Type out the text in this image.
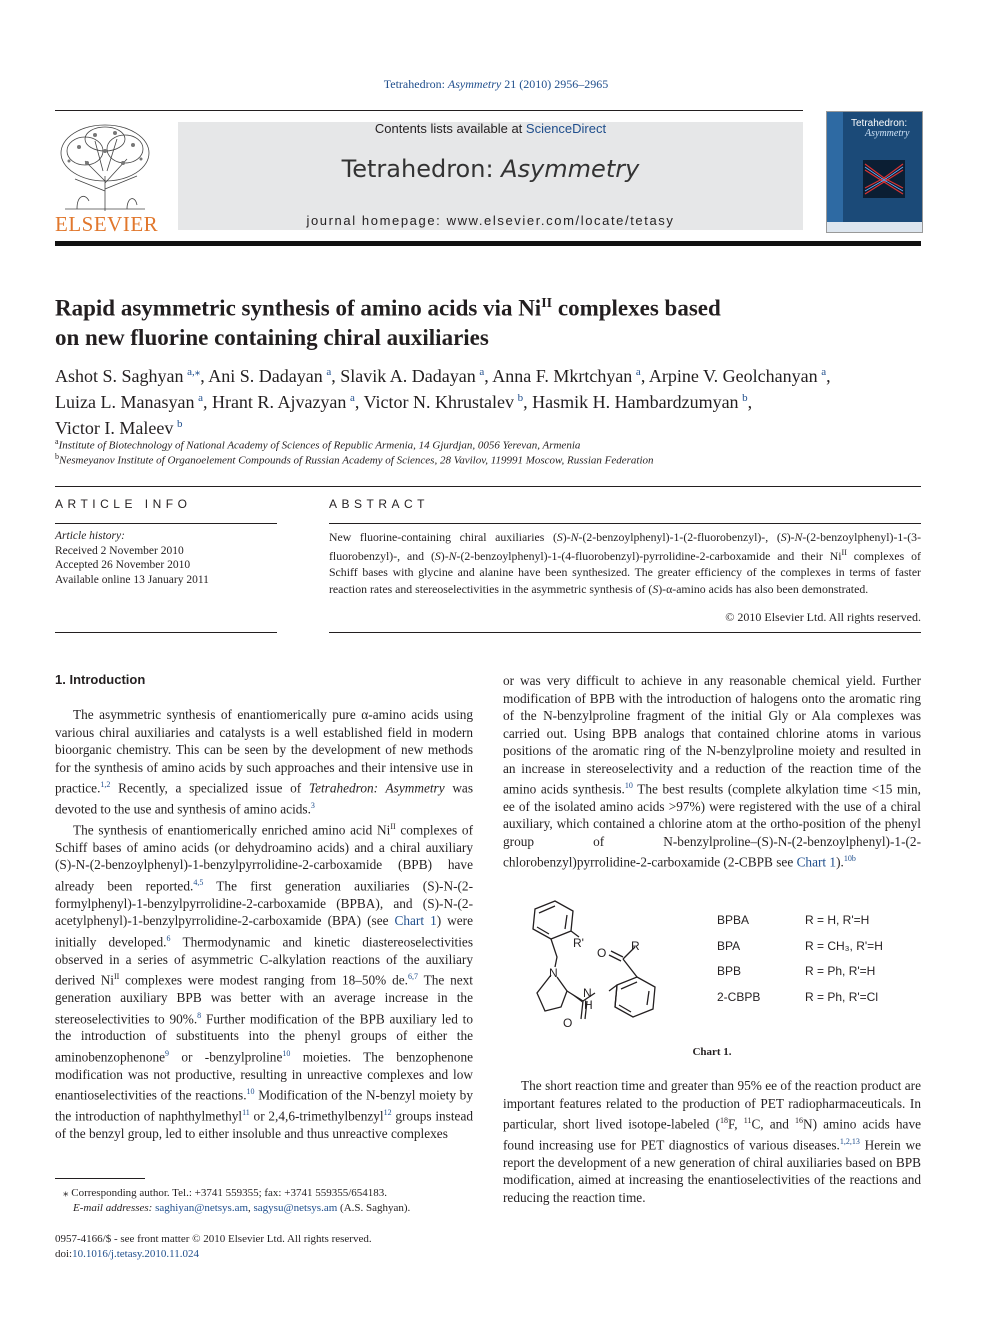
Tetrahedron: Asymmetry 21 (2010) 2956–2965
ELSEVIER
Contents lists available at ScienceDirect
Tetrahedron: Asymmetry
journal homepage: www.elsevier.com/locate/tetasy
Tetrahedron:
Asymmetry
Rapid asymmetric synthesis of amino acids via $Ni^{II}$ complexes based
on new fluorine containing chiral auxiliaries
Ashot S. Saghyan  $^{a,⁎}$, Ani S. Dadayan  $^a$, Slavik A. Dadayan  $^a$, Anna F. Mkrtchyan  $^a$, Arpine V. Geolchanyan  $^a$,
Luiza L. Manasyan  $^a$, Hrant R. Ajvazyan  $^a$, Victor N. Khrustalev  $^b$, Hasmik H. Hambardzumyan  $^b$,
Victor I. Maleev  $^b$
$^a$Institute of Biotechnology of National Academy of Sciences of Republic Armenia, 14 Gjurdjan, 0056 Yerevan, Armenia
$^b$Nesmeyanov Institute of Organoelement Compounds of Russian Academy of Sciences, 28 Vavilov, 119991 Moscow, Russian Federation
ARTICLE INFO
Article history:
Received 2 November 2010
Accepted 26 November 2010
Available online 13 January 2011
ABSTRACT
New fluorine-containing chiral auxiliaries (S)-N-(2-benzoylphenyl)-1-(2-fluorobenzyl)-, (S)-N-(2-benzoylphenyl)-1-(3-fluorobenzyl)-, and (S)-N-(2-benzoylphenyl)-1-(4-fluorobenzyl)-pyrrolidine-2-carboxamide and their $Ni^{II}$ complexes of Schiff bases with glycine and alanine have been synthesized. The greater efficiency of the complexes in terms of faster reaction rates and stereoselectivities in the asymmetric synthesis of (S)-α-amino acids has also been demonstrated.
© 2010 Elsevier Ltd. All rights reserved.
1. Introduction

The asymmetric synthesis of enantiomerically pure α-amino acids using various chiral auxiliaries and catalysts is a well established field in modern bioorganic chemistry. This can be seen by the development of new methods for the synthesis of amino acids by such approaches and their intensive use in practice.$^{1,2}$ Recently, a specialized issue of Tetrahedron: Asymmetry was devoted to the use and synthesis of amino acids.$^3$

The synthesis of enantiomerically enriched amino acid $Ni^{II}$ complexes of Schiff bases of amino acids (or dehydroamino acids) and a chiral auxiliary (S)-N-(2-benzoylphenyl)-1-benzylpyrrolidine-2-carboxamide (BPB) have already been reported.$^{4,5}$ The first generation auxiliaries (S)-N-(2-formylphenyl)-1-benzylpyrrolidine-2-carboxamide (BPBA), and (S)-N-(2-acetylphenyl)-1-benzylpyrrolidine-2-carboxamide (BPA) (see Chart 1) were initially developed.$^6$ Thermodynamic and kinetic diastereoselectivities observed in a series of asymmetric C-alkylation reactions of the auxiliary derived $Ni^{II}$ complexes were modest ranging from 18–50% de.$^{6,7}$ The next generation auxiliary BPB was better with an average increase in the stereoselectivities to 90%.$^8$ Further modification of the BPB auxiliary led to the introduction of substituents into the phenyl groups of either the aminobenzophenone$^9$ or -benzylproline$^{10}$ moieties. The benzophenone modification was not productive, resulting in unreactive complexes and low enantioselectivities of the reactions.$^{10}$ Modification of the N-benzyl moiety by the introduction of naphthylmethyl$^{11}$ or 2,4,6-trimethylbenzyl$^{12}$ groups instead of the benzyl group, led to either insoluble and thus unreactive complexes

or was very difficult to achieve in any reasonable chemical yield. Further modification of BPB with the introduction of halogens onto the aromatic ring of the N-benzylproline fragment of the initial Gly or Ala complexes was carried out. Using BPB analogs that contained chlorine atoms in various positions of the aromatic ring of the N-benzylproline moiety and resulted in an increase in stereoselectivity and a reduction of the reaction time of the amino acids synthesis.$^{10}$ The best results (complete alkylation time <15 min, ee of the isolated amino acids >97%) were registered with the use of a chiral auxiliary, which contained a chlorine atom at the ortho-position of the phenyl group of N-benzylproline–(S)-N-(2-benzoylphenyl)-1-(2-chlorobenzyl)pyrrolidine-2-carboxamide (2-CBPB see Chart 1).$^{10b}$

R'
N
N
H
O
O R
BPBA	R = H, R'=H
BPA	R = CH₃, R'=H
BPB	R = Ph, R'=H
2-CBPB	R = Ph, R'=Cl
Chart 1.

The short reaction time and greater than 95% ee of the reaction product are important features related to the production of PET radiopharmaceuticals. In particular, short lived isotope-labeled ($^{18}$F, $^{11}$C, and $^{16}$N) amino acids have found increasing use for PET diagnostics of various diseases.$^{1,2,13}$ Herein we report the development of a new generation of chiral auxiliaries based on BPB modification, aimed at increasing the enantioselectivities of the reactions and reducing the reaction time.

⁎ Corresponding author. Tel.: +3741 559355; fax: +3741 559355/654183.
E-mail addresses: saghiyan@netsys.am, sagysu@netsys.am (A.S. Saghyan).
0957-4166/$ - see front matter © 2010 Elsevier Ltd. All rights reserved.
doi:10.1016/j.tetasy.2010.11.024
